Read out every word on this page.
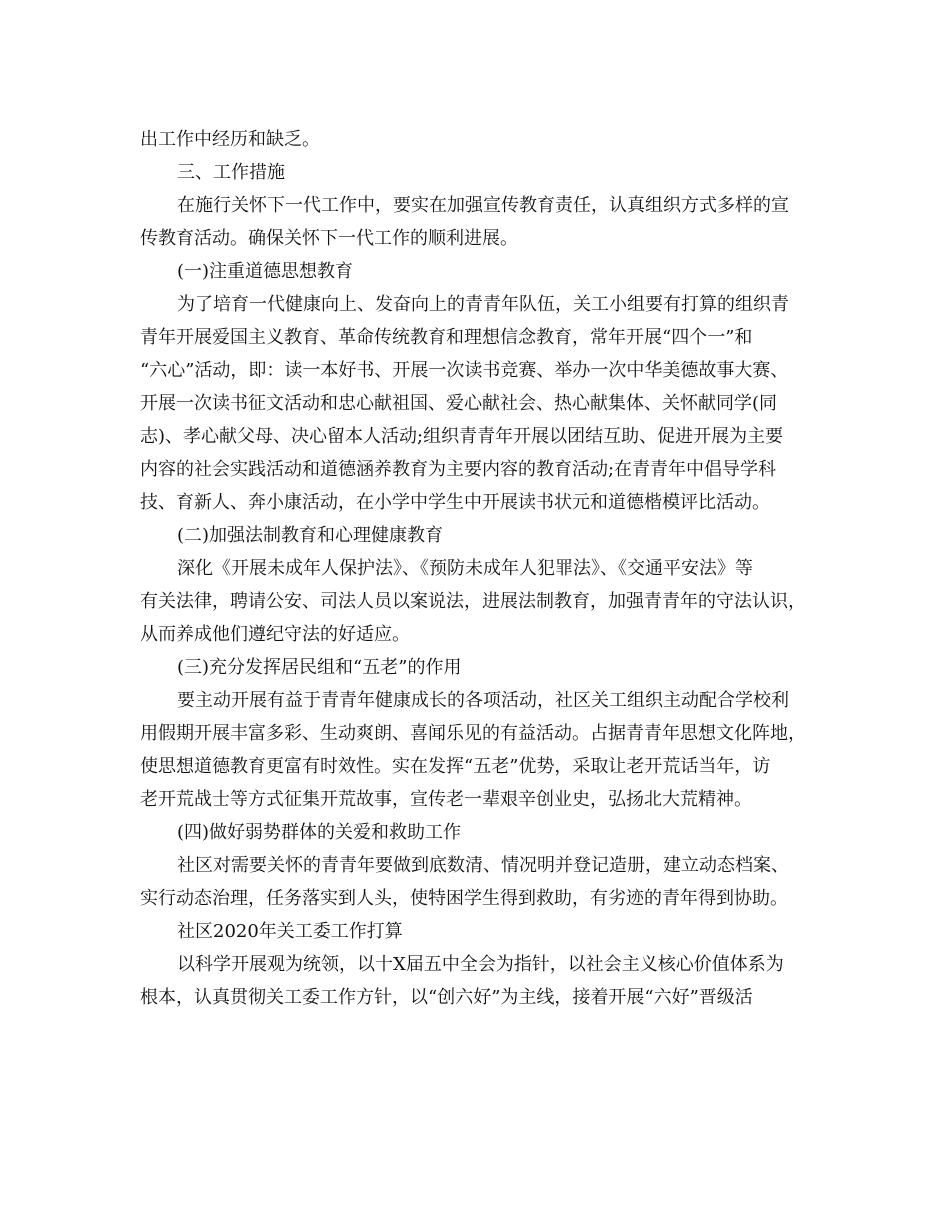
出工作中经历和缺乏。
三、工作措施
在施行关怀下一代工作中，要实在加强宣传教育责任，认真组织方式多样的宣
传教育活动。确保关怀下一代工作的顺利进展。
(一)注重道德思想教育
为了培育一代健康向上、发奋向上的青青年队伍，关工小组要有打算的组织青
青年开展爱国主义教育、革命传统教育和理想信念教育，常年开展“四个一”和
“六心”活动，即：读一本好书、开展一次读书竞赛、举办一次中华美德故事大赛、
开展一次读书征文活动和忠心献祖国、爱心献社会、热心献集体、关怀献同学(同
志)、孝心献父母、决心留本人活动;组织青青年开展以团结互助、促进开展为主要
内容的社会实践活动和道德涵养教育为主要内容的教育活动;在青青年中倡导学科
技、育新人、奔小康活动，在小学中学生中开展读书状元和道德楷模评比活动。
(二)加强法制教育和心理健康教育
深化《开展未成年人保护法》、《预防未成年人犯罪法》、《交通平安法》等
有关法律，聘请公安、司法人员以案说法，进展法制教育，加强青青年的守法认识，
从而养成他们遵纪守法的好适应。
(三)充分发挥居民组和“五老”的作用
要主动开展有益于青青年健康成长的各项活动，社区关工组织主动配合学校利
用假期开展丰富多彩、生动爽朗、喜闻乐见的有益活动。占据青青年思想文化阵地，
使思想道德教育更富有时效性。实在发挥“五老”优势，采取让老开荒话当年，访
老开荒战士等方式征集开荒故事，宣传老一辈艰辛创业史，弘扬北大荒精神。
(四)做好弱势群体的关爱和救助工作
社区对需要关怀的青青年要做到底数清、情况明并登记造册，建立动态档案、
实行动态治理，任务落实到人头，使特困学生得到救助，有劣迹的青年得到协助。
社区2020年关工委工作打算
以科学开展观为统领，以十X届五中全会为指针，以社会主义核心价值体系为
根本，认真贯彻关工委工作方针，以“创六好”为主线，接着开展“六好”晋级活
